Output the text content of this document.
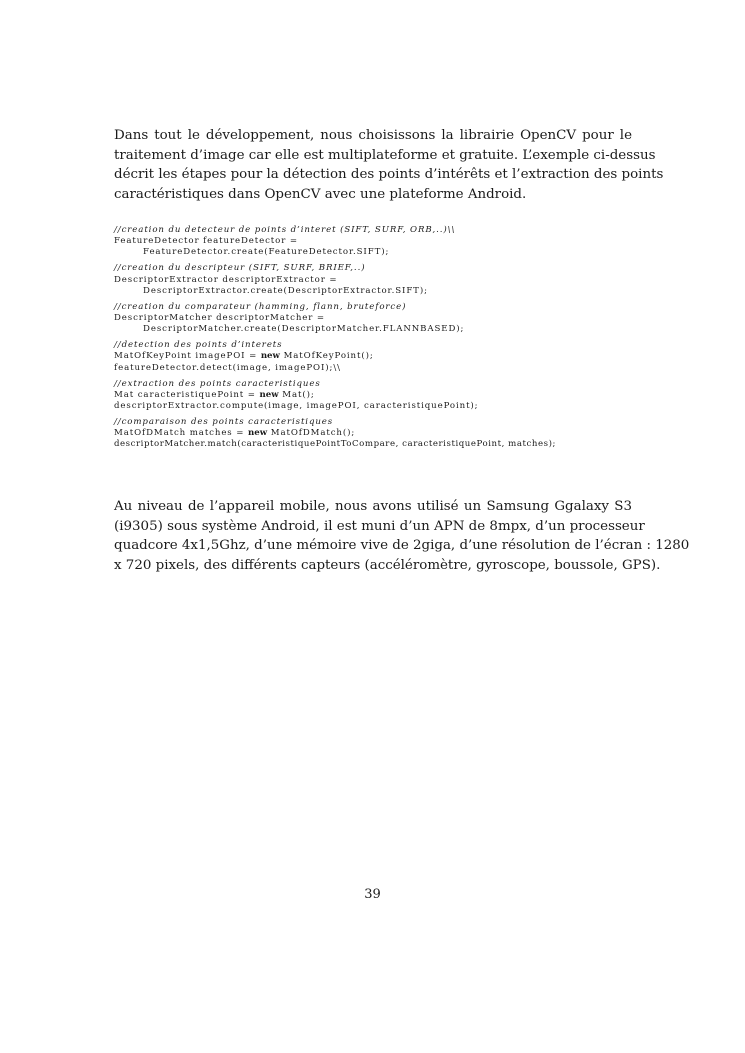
Dans tout le développement, nous choisissons la librairie OpenCV pour le
traitement d’image car elle est multiplateforme et gratuite. L’exemple ci-dessus
décrit les étapes pour la détection des points d’intérêts et l’extraction des points
caractéristiques dans OpenCV avec une plateforme Android.
//creation du detecteur de points d’interet (SIFT, SURF, ORB,..)\\
FeatureDetector featureDetector =
FeatureDetector.create(FeatureDetector.SIFT);
//creation du descripteur (SIFT, SURF, BRIEF,..)
DescriptorExtractor descriptorExtractor =
DescriptorExtractor.create(DescriptorExtractor.SIFT);
//creation du comparateur (hamming, flann, bruteforce)
DescriptorMatcher descriptorMatcher =
DescriptorMatcher.create(DescriptorMatcher.FLANNBASED);
//detection des points d’interets
MatOfKeyPoint imagePOI = new MatOfKeyPoint();
featureDetector.detect(image, imagePOI);\\
//extraction des points caracteristiques
Mat caracteristiquePoint = new Mat();
descriptorExtractor.compute(image, imagePOI, caracteristiquePoint);
//comparaison des points caracteristiques
MatOfDMatch matches = new MatOfDMatch();
descriptorMatcher.match(caracteristiquePointToCompare, caracteristiquePoint, matches);
Au niveau de l’appareil mobile, nous avons utilisé un Samsung Ggalaxy S3
(i9305) sous système Android, il est muni d’un APN de 8mpx, d’un processeur
quadcore 4x1,5Ghz, d’une mémoire vive de 2giga, d’une résolution de l’écran : 1280
x 720 pixels, des différents capteurs (accéléromètre, gyroscope, boussole, GPS).
39
